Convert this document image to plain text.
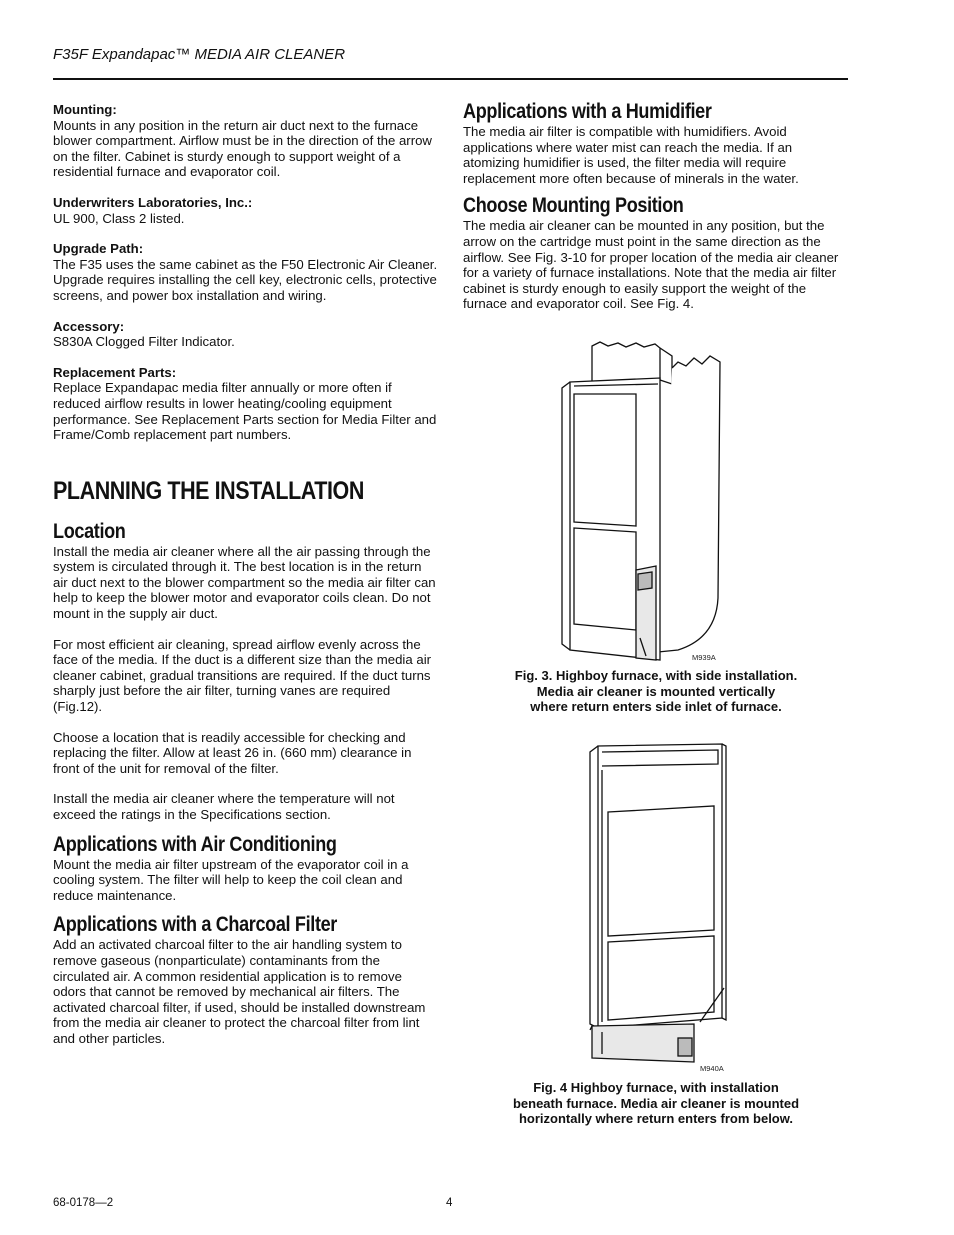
F35F Expandapac™ MEDIA AIR CLEANER

Mounting:

Mounts in any position in the return air duct next to the furnace blower compartment. Airflow must be in the direction of the arrow on the filter. Cabinet is sturdy enough to support weight of a residential furnace and evaporator coil.

Underwriters Laboratories, Inc.:

UL 900, Class 2 listed.

Upgrade Path:

The F35 uses the same cabinet as the F50 Electronic Air Cleaner. Upgrade requires installing the cell key, electronic cells, protective screens, and power box installation and wiring.

Accessory:

S830A Clogged Filter Indicator.

Replacement Parts:

Replace Expandapac media filter annually or more often if reduced airflow results in lower heating/cooling equipment performance. See Replacement Parts section for Media Filter and Frame/Comb replacement part numbers.

PLANNING THE INSTALLATION
Location

Install the media air cleaner where all the air passing through the system is circulated through it. The best location is in the return air duct next to the blower compartment so the media air filter can help to keep the blower motor and evaporator coils clean. Do not mount in the supply air duct.

For most efficient air cleaning, spread airflow evenly across the face of the media. If the duct is a different size than the media air cleaner cabinet, gradual transitions are required. If the duct turns sharply just before the air filter, turning vanes are required (Fig.12).

Choose a location that is readily accessible for checking and replacing the filter. Allow at least 26 in. (660 mm) clearance in front of the unit for removal of the filter.

Install the media air cleaner where the temperature will not exceed the ratings in the Specifications section.

Applications with Air Conditioning

Mount the media air filter upstream of the evaporator coil in a cooling system. The filter will help to keep the coil clean and reduce maintenance.

Applications with a Charcoal Filter

Add an activated charcoal filter to the air handling system to remove gaseous (nonparticulate) contaminants from the circulated air. A common residential application is to remove odors that cannot be removed by mechanical air filters. The activated charcoal filter, if used, should be installed downstream from the media air cleaner to protect the charcoal filter from lint and other particles.

Applications with a Humidifier

The media air filter is compatible with humidifiers. Avoid applications where water mist can reach the media. If an atomizing humidifier is used, the filter media will require replacement more often because of minerals in the water.

Choose Mounting Position

The media air cleaner can be mounted in any position, but the arrow on the cartridge must point in the same direction as the airflow. See Fig. 3-10 for proper location of the media air cleaner for a variety of furnace installations. Note that the media air filter cabinet is sturdy enough to easily support the weight of the furnace and evaporator coil. See Fig. 4.

M939A
Fig. 3. Highboy furnace, with side installation.
Media air cleaner is mounted vertically
where return enters side inlet of furnace.
M940A
Fig. 4 Highboy furnace, with installation
beneath furnace. Media air cleaner is mounted
horizontally where return enters from below.
68-0178—2	4
